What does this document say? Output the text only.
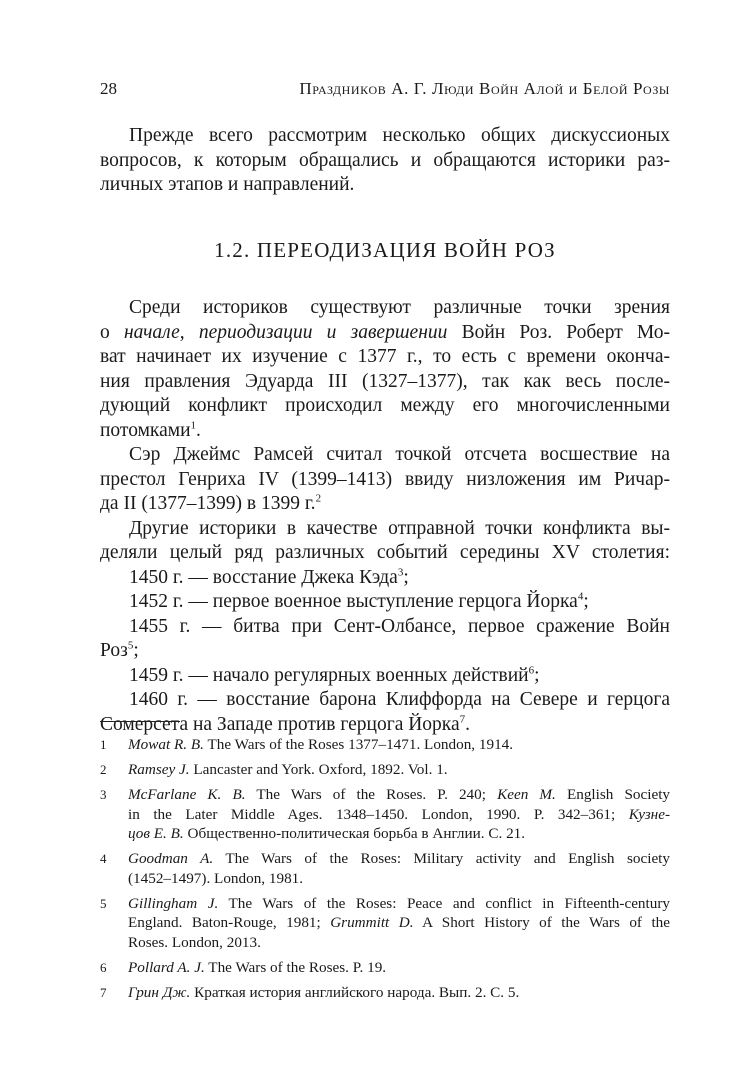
28	Праздников А. Г. Люди Войн Алой и Белой Розы
Прежде всего рассмотрим несколько общих дискуссионых
вопросов, к которым обращались и обращаются историки раз-
личных этапов и направлений.
1.2. ПЕРЕОДИЗАЦИЯ ВОЙН РОЗ
Среди историков существуют различные точки зрения
о начале, периодизации и завершении Войн Роз. Роберт Мо-
ват начинает их изучение с 1377 г., то есть с времени оконча-
ния правления Эдуарда III (1327–1377), так как весь после-
дующий конфликт происходил между его многочисленными
потомками$^1$.
Сэр Джеймс Рамсей считал точкой отсчета восшествие на
престол Генриха IV (1399–1413) ввиду низложения им Ричар-
да II (1377–1399) в 1399 г.$^2$
Другие историки в качестве отправной точки конфликта вы-
деляли целый ряд различных событий середины XV столетия:
1450 г. — восстание Джека Кэда$^3$;
1452 г. — первое военное выступление герцога Йорка$^4$;
1455 г. — битва при Сент-Олбансе, первое сражение Войн
Роз$^5$;
1459 г. — начало регулярных военных действий$^6$;
1460 г. — восстание барона Клиффорда на Севере и герцога
Сомерсета на Западе против герцога Йорка$^7$.
1 Mowat R. B. The Wars of the Roses 1377–1471. London, 1914.
2 Ramsey J. Lancaster and York. Oxford, 1892. Vol. 1.
3 McFarlane K. B. The Wars of the Roses. P. 240; Keen M. English Society
in the Later Middle Ages. 1348–1450. London, 1990. P. 342–361; Кузне-
цов Е. В. Общественно-политическая борьба в Англии. С. 21.
4 Goodman A. The Wars of the Roses: Military activity and English society
(1452–1497). London, 1981.
5 Gillingham J. The Wars of the Roses: Peace and conflict in Fifteenth-century
England. Baton-Rouge, 1981; Grummitt D. A Short History of the Wars of the
Roses. London, 2013.
6 Pollard A. J. The Wars of the Roses. P. 19.
7 Грин Дж. Краткая история английского народа. Вып. 2. С. 5.
